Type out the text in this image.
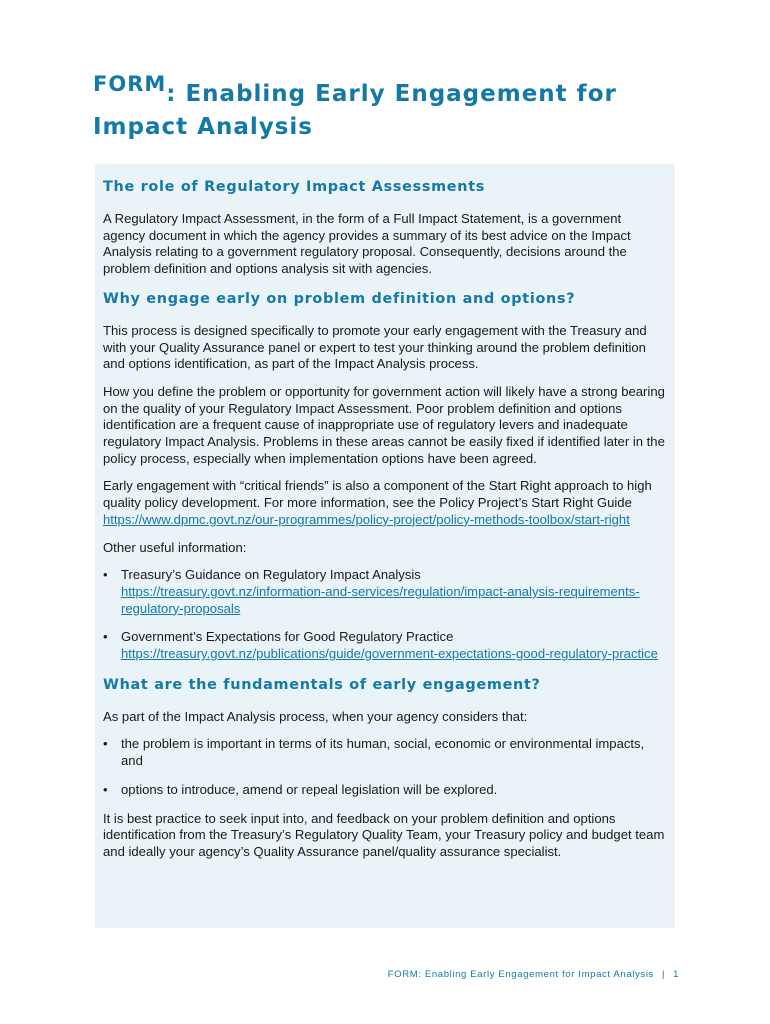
FORM: Enabling Early Engagement for Impact Analysis
The role of Regulatory Impact Assessments

A Regulatory Impact Assessment, in the form of a Full Impact Statement, is a government agency document in which the agency provides a summary of its best advice on the Impact Analysis relating to a government regulatory proposal. Consequently, decisions around the problem definition and options analysis sit with agencies.

Why engage early on problem definition and options?

This process is designed specifically to promote your early engagement with the Treasury and with your Quality Assurance panel or expert to test your thinking around the problem definition and options identification, as part of the Impact Analysis process.

How you define the problem or opportunity for government action will likely have a strong bearing on the quality of your Regulatory Impact Assessment. Poor problem definition and options identification are a frequent cause of inappropriate use of regulatory levers and inadequate regulatory Impact Analysis. Problems in these areas cannot be easily fixed if identified later in the policy process, especially when implementation options have been agreed.

Early engagement with “critical friends” is also a component of the Start Right approach to high quality policy development. For more information, see the Policy Project’s Start Right Guide https://www.dpmc.govt.nz/our-programmes/policy-project/policy-methods-toolbox/start-right

Other useful information:

• Treasury’s Guidance on Regulatory Impact Analysis
https://treasury.govt.nz/information-and-services/regulation/impact-analysis-requirements-regulatory-proposals
• Government’s Expectations for Good Regulatory Practice
https://treasury.govt.nz/publications/guide/government-expectations-good-regulatory-practice
What are the fundamentals of early engagement?

As part of the Impact Analysis process, when your agency considers that:

• the problem is important in terms of its human, social, economic or environmental impacts, and
• options to introduce, amend or repeal legislation will be explored.

It is best practice to seek input into, and feedback on your problem definition and options identification from the Treasury’s Regulatory Quality Team, your Treasury policy and budget team and ideally your agency’s Quality Assurance panel/quality assurance specialist.

FORM: Enabling Early Engagement for Impact Analysis | 1
